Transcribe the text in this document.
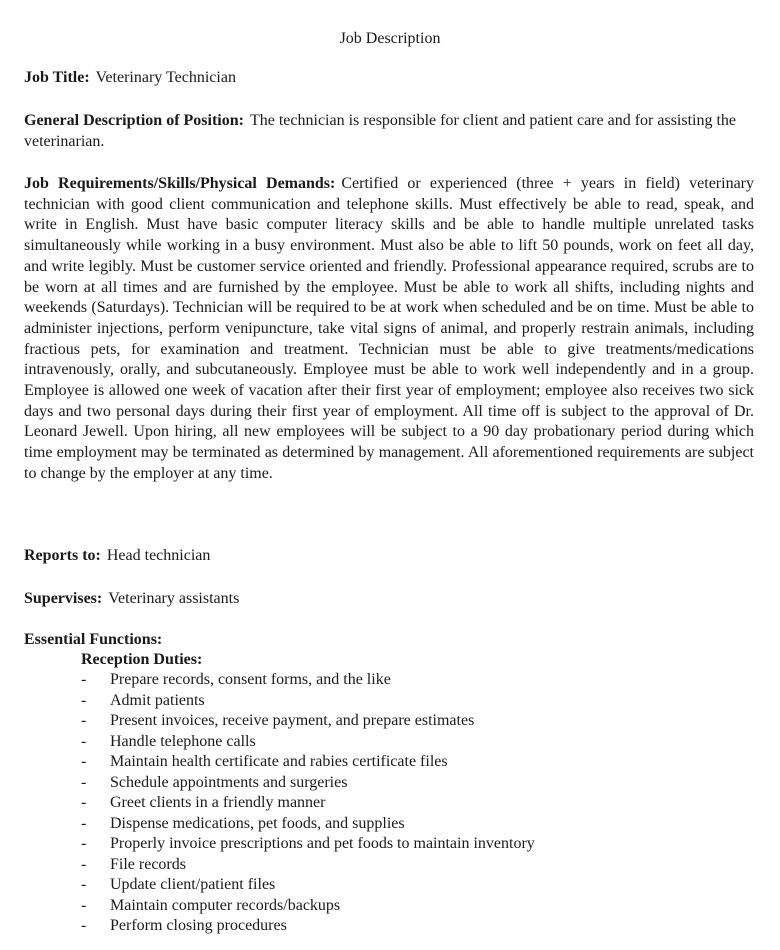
Job Description
Job Title: Veterinary Technician
General Description of Position: The technician is responsible for client and patient care and for assisting the veterinarian.
Job Requirements/Skills/Physical Demands: Certified or experienced (three + years in field) veterinary technician with good client communication and telephone skills. Must effectively be able to read, speak, and write in English. Must have basic computer literacy skills and be able to handle multiple unrelated tasks simultaneously while working in a busy environment. Must also be able to lift 50 pounds, work on feet all day, and write legibly. Must be customer service oriented and friendly. Professional appearance required, scrubs are to be worn at all times and are furnished by the employee. Must be able to work all shifts, including nights and weekends (Saturdays). Technician will be required to be at work when scheduled and be on time. Must be able to administer injections, perform venipuncture, take vital signs of animal, and properly restrain animals, including fractious pets, for examination and treatment. Technician must be able to give treatments/medications intravenously, orally, and subcutaneously. Employee must be able to work well independently and in a group. Employee is allowed one week of vacation after their first year of employment; employee also receives two sick days and two personal days during their first year of employment. All time off is subject to the approval of Dr. Leonard Jewell. Upon hiring, all new employees will be subject to a 90 day probationary period during which time employment may be terminated as determined by management. All aforementioned requirements are subject to change by the employer at any time.
Reports to: Head technician
Supervises: Veterinary assistants
Essential Functions:
Reception Duties:
- Prepare records, consent forms, and the like
- Admit patients
- Present invoices, receive payment, and prepare estimates
- Handle telephone calls
- Maintain health certificate and rabies certificate files
- Schedule appointments and surgeries
- Greet clients in a friendly manner
- Dispense medications, pet foods, and supplies
- Properly invoice prescriptions and pet foods to maintain inventory
- File records
- Update client/patient files
- Maintain computer records/backups
- Perform closing procedures
